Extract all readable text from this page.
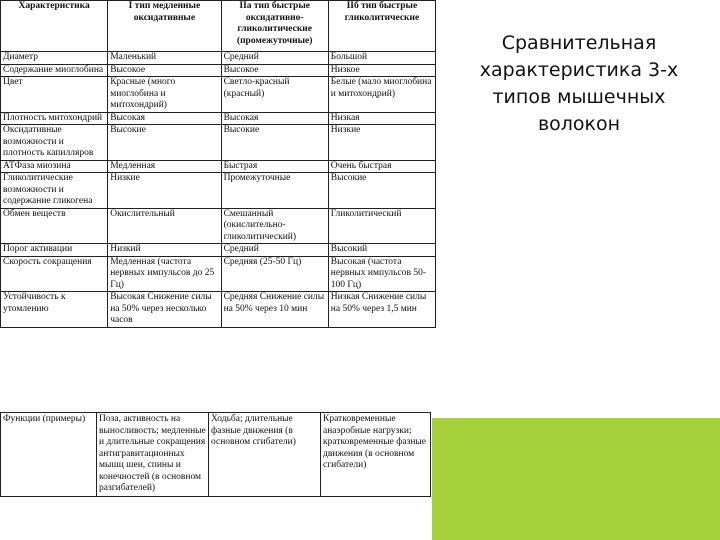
Сравнительная характеристика 3-х типов мышечных волокон
Характеристика	I тип медленные оксидативные	IIа тип быстрые оксидативно-гликолитические (промежуточные)	IIб тип быстрые гликолитические
Диаметр	Маленький	Средний	Большой
Содержание миоглобина	Высокое	Высокое	Низкое
Цвет	Красные (много миоглобина и митохондрий)	Светло-красный (красный)	Белые (мало миоглобина и митохондрий)
Плотность митохондрий	Высокая	Высокая	Низкая
Оксидативные возможности и плотность капилляров	Высокие	Высокие	Низкие
АТФаза миозина	Медленная	Быстрая	Очень быстрая
Гликолитические возможности и содержание гликогена	Низкие	Промежуточные	Высокие
Обмен веществ	Окислительный	Смешанный (окислительно-гликолитический)	Гликолитический
Порог активации	Низкий	Средний	Высокий
Скорость сокращения	Медленная (частота нервных импульсов до 25 Гц)	Средняя (25-50 Гц)	Высокая (частота нервных импульсов 50-100 Гц)
Устойчивость к утомлению	Высокая Снижение силы на 50% через несколько часов	Средняя Снижение силы на 50% через 10 мин	Низкая Снижение силы на 50% через 1,5 мин
Функции (примеры)	Поза, активность на выносливость; медленные и длительные сокращения антигравитационных мышц шеи, спины и конечностей (в основном разгибателей)	Ходьба; длительные фазные движения (в основном сгибатели)	Кратковременные анаэробные нагрузки; кратковременные фазные движения (в основном сгибатели)
